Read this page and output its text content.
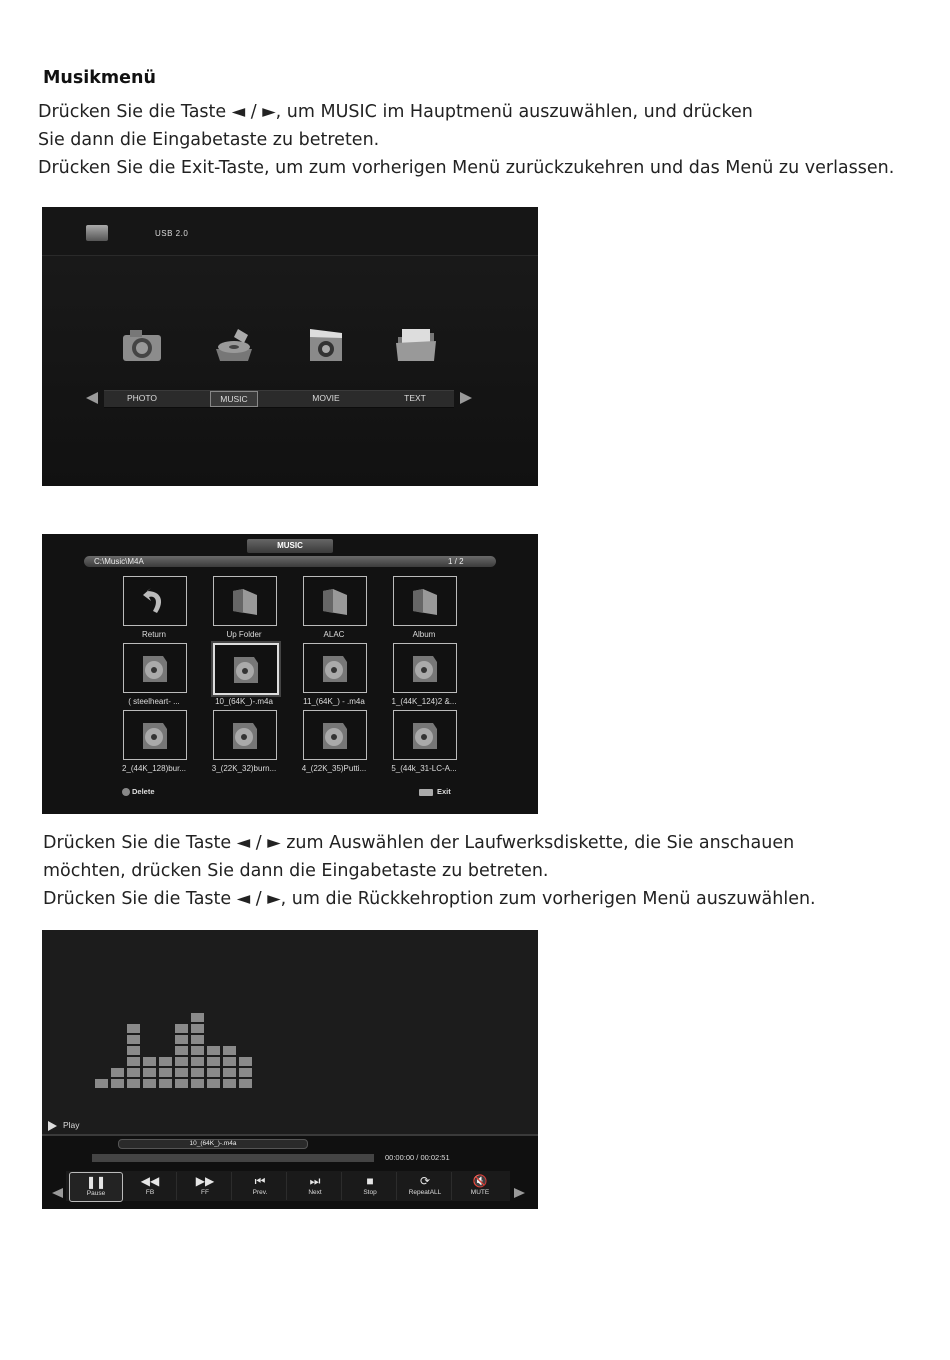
Musikmenü
Drücken Sie die Taste ◄ / ►, um MUSIC im Hauptmenü auszuwählen, und drücken
Sie dann die Eingabetaste zu betreten.
Drücken Sie die Exit-Taste, um zum vorherigen Menü zurückzukehren und das Menü zu verlassen.
USB 2.0
PHOTO	MUSIC	MOVIE	TEXT
MUSIC
C:\Music\M4A	1 / 2
Return	Up Folder	ALAC	Album
( steelheart- ...	10_(64K_)-.m4a	11_(64K_) - .m4a	1_(44K_124)2 &...
2_(44K_128)bur...	3_(22K_32)burn...	4_(22K_35)Putti...	5_(44k_31-LC-A...
Delete	Exit
Drücken Sie die Taste ◄ / ► zum Auswählen der Laufwerksdiskette, die Sie anschauen
möchten, drücken Sie dann die Eingabetaste zu betreten.
Drücken Sie die Taste ◄ / ►, um die Rückkehroption zum vorherigen Menü auszuwählen.
Play
10_(64K_)-.m4a
00:00:00 / 00:02:51
❚❚
Pause
◀◀
FB
▶▶
FF
⏮
Prev.
⏭
Next
■
Stop
⟳
RepeatALL
🔇
MUTE
